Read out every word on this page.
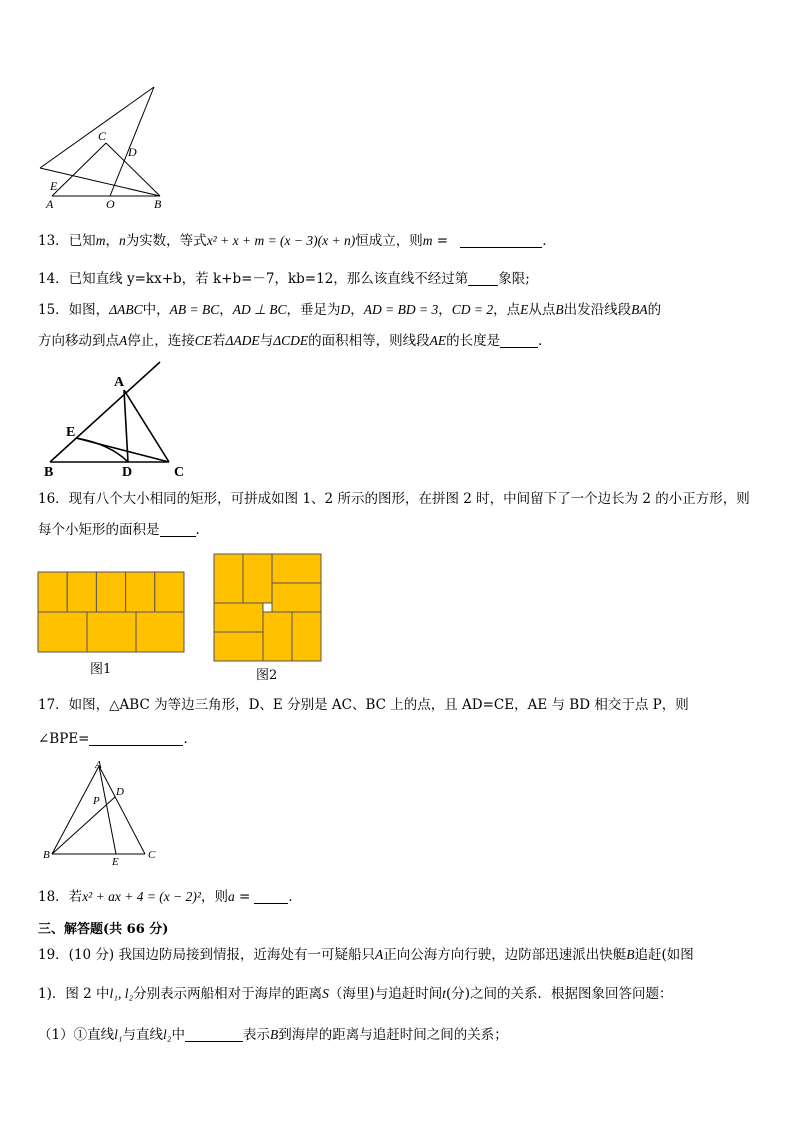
A	O	B
C
D
E
13．已知m，n为实数，等式x² + x + m = (x − 3)(x + n)恒成立，则m =	．
14．已知直线 y=kx+b，若 k+b=－7，kb=12，那么该直线不经过第 象限;
15．如图，ΔABC中，AB = BC，AD ⊥ BC，垂足为D，AD = BD = 3，CD = 2，点E从点B出发沿线段BA的
方向移动到点A停止，连接CE若ΔADE与ΔCDE的面积相等，则线段AE的长度是	．
A
E
B	D	C
16．现有八个大小相同的矩形，可拼成如图 1、2 所示的图形，在拼图 2 时，中间留下了一个边长为 2 的小正方形，则
每个小矩形的面积是	．
图1	图2
17．如图，△ABC 为等边三角形，D、E 分别是 AC、BC 上的点，且 AD=CE，AE 与 BD 相交于点 P，则
∠BPE=	．
A
D
P
B
E
C
18．若x² + ax + 4 = (x − 2)²，则a =	．
三、解答题(共 66 分)
19．(10 分) 我国边防局接到情报，近海处有一可疑船只A正向公海方向行驶，边防部迅速派出快艇B追赶(如图
1)．图 2 中l₁, l₂分别表示两船相对于海岸的距离S（海里)与追赶时间t(分)之间的关系．根据图象回答问题：
（1）①直线l₁与直线l₂中	表示B到海岸的距离与追赶时间之间的关系；
